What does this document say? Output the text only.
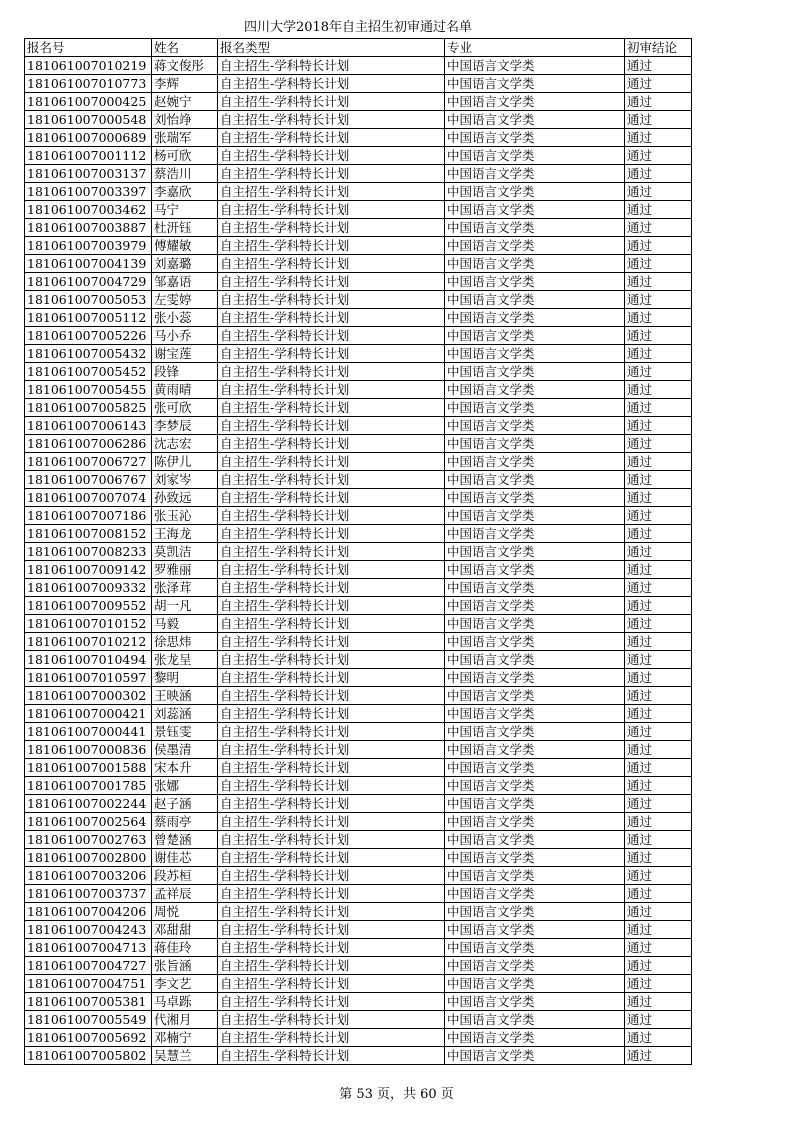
四川大学2018年自主招生初审通过名单
报名号	姓名	报名类型	专业	初审结论
181061007010219	蒋文俊彤	自主招生-学科特长计划	中国语言文学类	通过
181061007010773	李辉	自主招生-学科特长计划	中国语言文学类	通过
181061007000425	赵婉宁	自主招生-学科特长计划	中国语言文学类	通过
181061007000548	刘怡竫	自主招生-学科特长计划	中国语言文学类	通过
181061007000689	张瑞军	自主招生-学科特长计划	中国语言文学类	通过
181061007001112	杨可欣	自主招生-学科特长计划	中国语言文学类	通过
181061007003137	蔡浩川	自主招生-学科特长计划	中国语言文学类	通过
181061007003397	李嘉欣	自主招生-学科特长计划	中国语言文学类	通过
181061007003462	马宁	自主招生-学科特长计划	中国语言文学类	通过
181061007003887	杜汧钰	自主招生-学科特长计划	中国语言文学类	通过
181061007003979	傅耀敏	自主招生-学科特长计划	中国语言文学类	通过
181061007004139	刘嘉璐	自主招生-学科特长计划	中国语言文学类	通过
181061007004729	邹嘉语	自主招生-学科特长计划	中国语言文学类	通过
181061007005053	左雯婷	自主招生-学科特长计划	中国语言文学类	通过
181061007005112	张小蕊	自主招生-学科特长计划	中国语言文学类	通过
181061007005226	马小乔	自主招生-学科特长计划	中国语言文学类	通过
181061007005432	谢宝莲	自主招生-学科特长计划	中国语言文学类	通过
181061007005452	段锋	自主招生-学科特长计划	中国语言文学类	通过
181061007005455	黄雨晴	自主招生-学科特长计划	中国语言文学类	通过
181061007005825	张可欣	自主招生-学科特长计划	中国语言文学类	通过
181061007006143	李梦辰	自主招生-学科特长计划	中国语言文学类	通过
181061007006286	沈志宏	自主招生-学科特长计划	中国语言文学类	通过
181061007006727	陈伊儿	自主招生-学科特长计划	中国语言文学类	通过
181061007006767	刘家岑	自主招生-学科特长计划	中国语言文学类	通过
181061007007074	孙致远	自主招生-学科特长计划	中国语言文学类	通过
181061007007186	张玉沁	自主招生-学科特长计划	中国语言文学类	通过
181061007008152	王海龙	自主招生-学科特长计划	中国语言文学类	通过
181061007008233	莫凯洁	自主招生-学科特长计划	中国语言文学类	通过
181061007009142	罗雅丽	自主招生-学科特长计划	中国语言文学类	通过
181061007009332	张泽茸	自主招生-学科特长计划	中国语言文学类	通过
181061007009552	胡一凡	自主招生-学科特长计划	中国语言文学类	通过
181061007010152	马毅	自主招生-学科特长计划	中国语言文学类	通过
181061007010212	徐思炜	自主招生-学科特长计划	中国语言文学类	通过
181061007010494	张龙呈	自主招生-学科特长计划	中国语言文学类	通过
181061007010597	黎明	自主招生-学科特长计划	中国语言文学类	通过
181061007000302	王映涵	自主招生-学科特长计划	中国语言文学类	通过
181061007000421	刘蕊涵	自主招生-学科特长计划	中国语言文学类	通过
181061007000441	景钰雯	自主招生-学科特长计划	中国语言文学类	通过
181061007000836	侯墨清	自主招生-学科特长计划	中国语言文学类	通过
181061007001588	宋本升	自主招生-学科特长计划	中国语言文学类	通过
181061007001785	张娜	自主招生-学科特长计划	中国语言文学类	通过
181061007002244	赵子涵	自主招生-学科特长计划	中国语言文学类	通过
181061007002564	蔡雨亭	自主招生-学科特长计划	中国语言文学类	通过
181061007002763	曾楚涵	自主招生-学科特长计划	中国语言文学类	通过
181061007002800	谢佳芯	自主招生-学科特长计划	中国语言文学类	通过
181061007003206	段苏桓	自主招生-学科特长计划	中国语言文学类	通过
181061007003737	孟祥辰	自主招生-学科特长计划	中国语言文学类	通过
181061007004206	周悦	自主招生-学科特长计划	中国语言文学类	通过
181061007004243	邓甜甜	自主招生-学科特长计划	中国语言文学类	通过
181061007004713	蒋佳玲	自主招生-学科特长计划	中国语言文学类	通过
181061007004727	张旨涵	自主招生-学科特长计划	中国语言文学类	通过
181061007004751	李文艺	自主招生-学科特长计划	中国语言文学类	通过
181061007005381	马卓跞	自主招生-学科特长计划	中国语言文学类	通过
181061007005549	代湘月	自主招生-学科特长计划	中国语言文学类	通过
181061007005692	邓楠宁	自主招生-学科特长计划	中国语言文学类	通过
181061007005802	吴慧兰	自主招生-学科特长计划	中国语言文学类	通过
第 53 页，共 60 页
